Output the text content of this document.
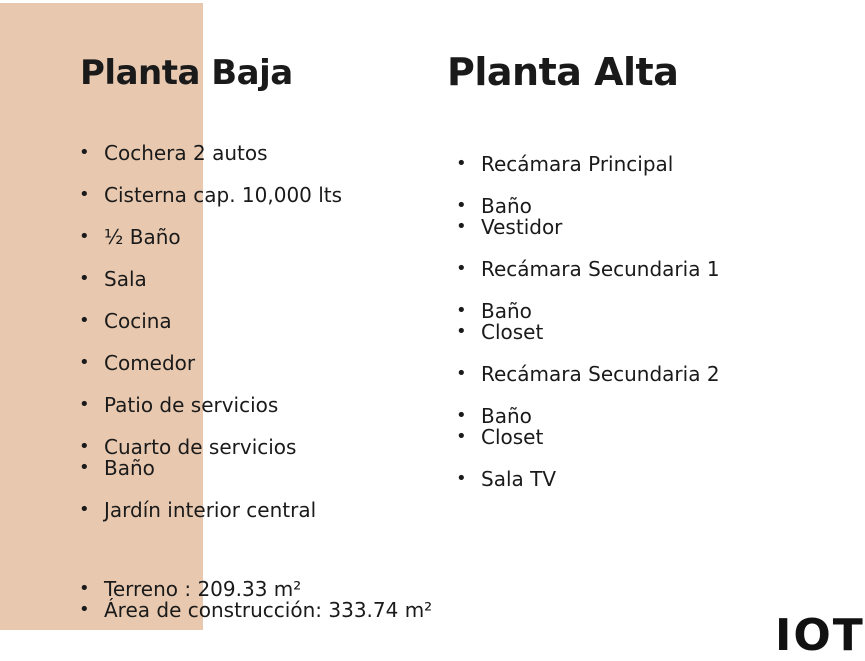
Planta Baja	Planta Alta
• Cochera 2 autos
• Cisterna cap. 10,000 lts
• ½ Baño
• Sala
• Cocina
• Comedor
• Patio de servicios
• Cuarto de servicios
• Baño
• Jardín interior central
• Terreno : 209.33 m²
• Área de construcción: 333.74 m²
• Recámara Principal
• Baño
• Vestidor
• Recámara Secundaria 1
• Baño
• Closet
• Recámara Secundaria 2
• Baño
• Closet
• Sala TV
IOT
